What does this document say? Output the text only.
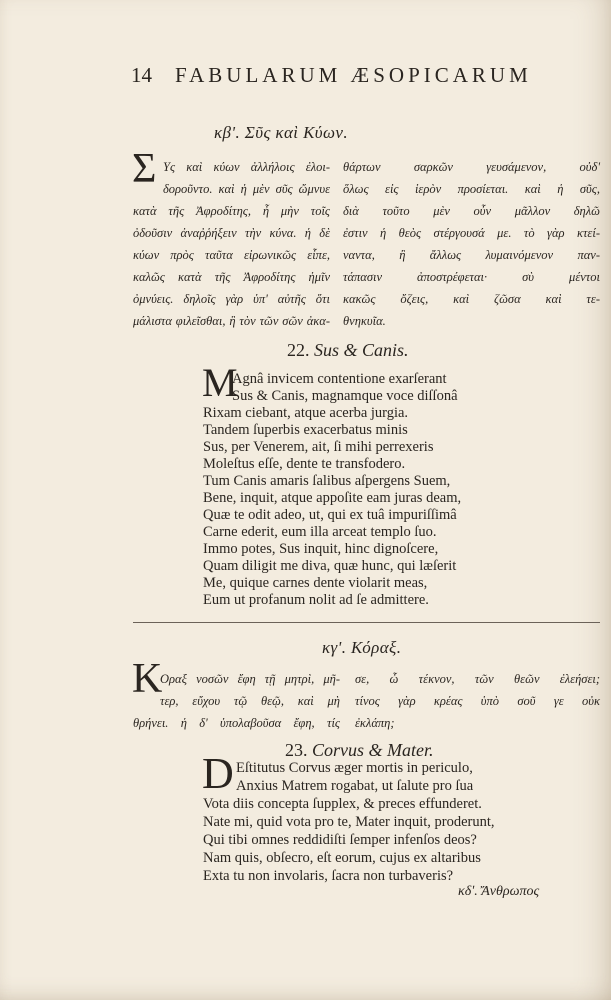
14 FABULARUM ÆSOPICARUM
κβʹ. Σῦς καὶ Κύων.
Σ Υς καὶ κύων ἀλλήλοις ἐλοι-
δοροῦντο. καὶ ἡ μὲν σῦς ὤμνυε
κατὰ τῆς Ἀφροδίτης, ἦ μὴν τοῖς
ὀδοῦσιν ἀναῤῥήξειν τὴν κύνα. ἡ δὲ
κύων πρὸς ταῦτα εἰρωνικῶς εἶπε,
καλῶς κατὰ τῆς Ἀφροδίτης ἡμῖν
ὀμνύεις. δηλοῖς γὰρ ὑπ' αὐτῆς ὅτι
μάλιστα φιλεῖσθαι, ἣ τὸν τῶν σῶν ἀκα-
θάρτων σαρκῶν γευσάμενον, οὐδ'
ὅλως εἰς ἱερὸν προσίεται. καὶ ἡ σῦς,
διὰ τοῦτο μὲν οὖν μᾶλλον δηλῶ
ἐστιν ἡ θεὸς στέργουσά με. τὸ γὰρ κτεί-
ναντα, ἢ ἄλλως λυμαινόμενον παν-
τάπασιν ἀποστρέφεται· σὺ μέντοι
κακῶς ὄζεις, καὶ ζῶσα καὶ τε-
θνηκυῖα.
22. Sus & Canis.
M
Agnâ invicem contentione exarſerant
Sus & Canis, magnamque voce diſſonâ
Rixam ciebant, atque acerba jurgia.
Tandem ſuperbis exacerbatus minis
Sus, per Venerem, ait, ſi mihi perrexeris
Moleſtus eſſe, dente te transfodero.
Tum Canis amaris ſalibus aſpergens Suem,
Bene, inquit, atque appoſite eam juras deam,
Quæ te odit adeo, ut, qui ex tuâ impuriſſimâ
Carne ederit, eum illa arceat templo ſuo.
Immo potes, Sus inquit, hinc dignoſcere,
Quam diligit me diva, quæ hunc, qui læſerit
Me, quique carnes dente violarit meas,
Eum ut profanum nolit ad ſe admittere.
κγʹ. Κόραξ.
Κ
Οραξ νοσῶν ἔφη τῇ μητρὶ, μῆ-
τερ, εὔχου τῷ θεῷ, καὶ μὴ
θρήνει. ἡ δ' ὑπολαβοῦσα ἔφη, τίς
σε, ὦ τέκνον, τῶν θεῶν ἐλεήσει;
τίνος γὰρ κρέας ὑπὸ σοῦ γε οὐκ
ἐκλάπη;
23. Corvus & Mater.
D Eſtitutus Corvus æger mortis in periculo,
Anxius Matrem rogabat, ut ſalute pro ſua
Vota diis concepta ſupplex, & preces effunderet.
Nate mi, quid vota pro te, Mater inquit, proderunt,
Qui tibi omnes reddidiſti ſemper infenſos deos?
Nam quis, obſecro, eſt eorum, cujus ex altaribus
Exta tu non involaris, ſacra non turbaveris?
κδʹ. Ἄνθρωπος
